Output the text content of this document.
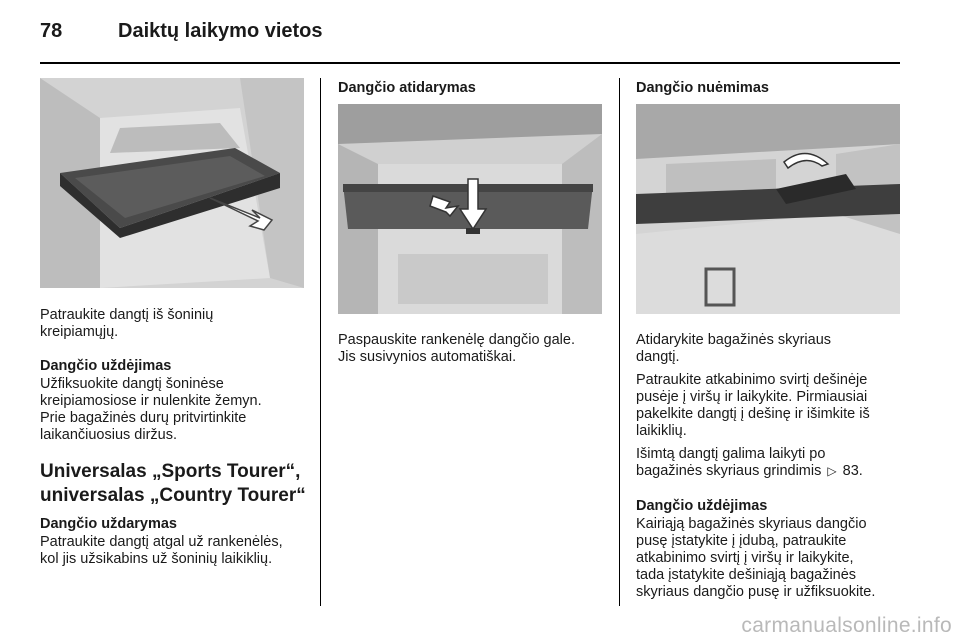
78	Daiktų laikymo vietos
Patraukite dangtį iš šoninių
kreipiamųjų.
Dangčio uždėjimas
Užfiksuokite dangtį šoninėse
kreipiamosiose ir nulenkite žemyn.
Prie bagažinės durų pritvirtinkite
laikančiuosius diržus.
Universalas „Sports Tourer“,
universalas „Country Tourer“
Dangčio uždarymas
Patraukite dangtį atgal už rankenėlės,
kol jis užsikabins už šoninių laikiklių.
Dangčio atidarymas
Paspauskite rankenėlę dangčio gale.
Jis susivynios automatiškai.
Dangčio nuėmimas
Atidarykite bagažinės skyriaus
dangtį.
Patraukite atkabinimo svirtį dešinėje
pusėje į viršų ir laikykite. Pirmiausiai
pakelkite dangtį į dešinę ir išimkite iš
laikiklių.
Išimtą dangtį galima laikyti po
bagažinės skyriaus grindimis ▷ 83.
Dangčio uždėjimas
Kairiąją bagažinės skyriaus dangčio
pusę įstatykite į įdubą, patraukite
atkabinimo svirtį į viršų ir laikykite,
tada įstatykite dešiniąją bagažinės
skyriaus dangčio pusę ir užfiksuokite.
carmanualsonline.info
